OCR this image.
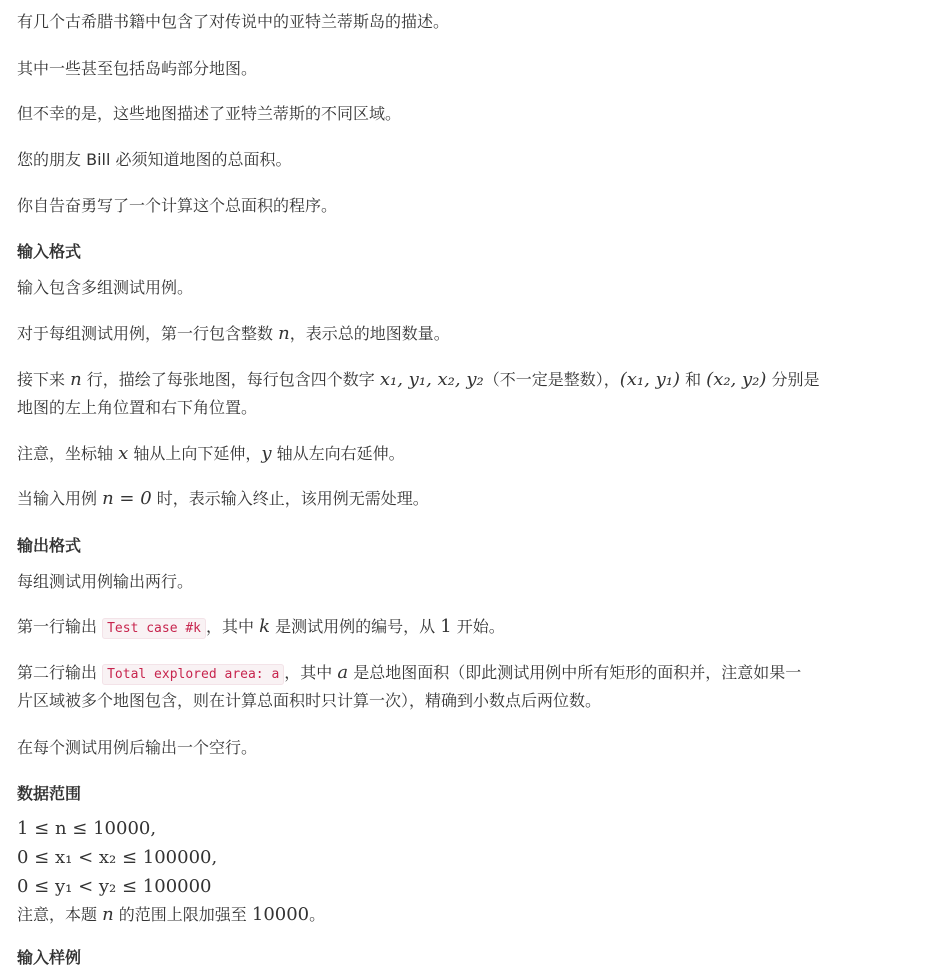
有几个古希腊书籍中包含了对传说中的亚特兰蒂斯岛的描述。
其中一些甚至包括岛屿部分地图。
但不幸的是，这些地图描述了亚特兰蒂斯的不同区域。
您的朋友 Bill 必须知道地图的总面积。
你自告奋勇写了一个计算这个总面积的程序。
输入格式
输入包含多组测试用例。
对于每组测试用例，第一行包含整数 n，表示总的地图数量。
接下来 n 行，描绘了每张地图，每行包含四个数字 x₁, y₁, x₂, y₂（不一定是整数），(x₁, y₁) 和 (x₂, y₂) 分别是
地图的左上角位置和右下角位置。
注意，坐标轴 x 轴从上向下延伸，y 轴从左向右延伸。
当输入用例 n = 0 时，表示输入终止，该用例无需处理。
输出格式
每组测试用例输出两行。
第一行输出 Test case #k ，其中 k 是测试用例的编号，从 1 开始。
第二行输出 Total explored area: a ，其中 a 是总地图面积（即此测试用例中所有矩形的面积并，注意如果一
片区域被多个地图包含，则在计算总面积时只计算一次），精确到小数点后两位数。
在每个测试用例后输出一个空行。
数据范围
1 ≤ n ≤ 10000,
0 ≤ x₁ < x₂ ≤ 100000,
0 ≤ y₁ < y₂ ≤ 100000
注意，本题 n 的范围上限加强至 10000。
输入样例
